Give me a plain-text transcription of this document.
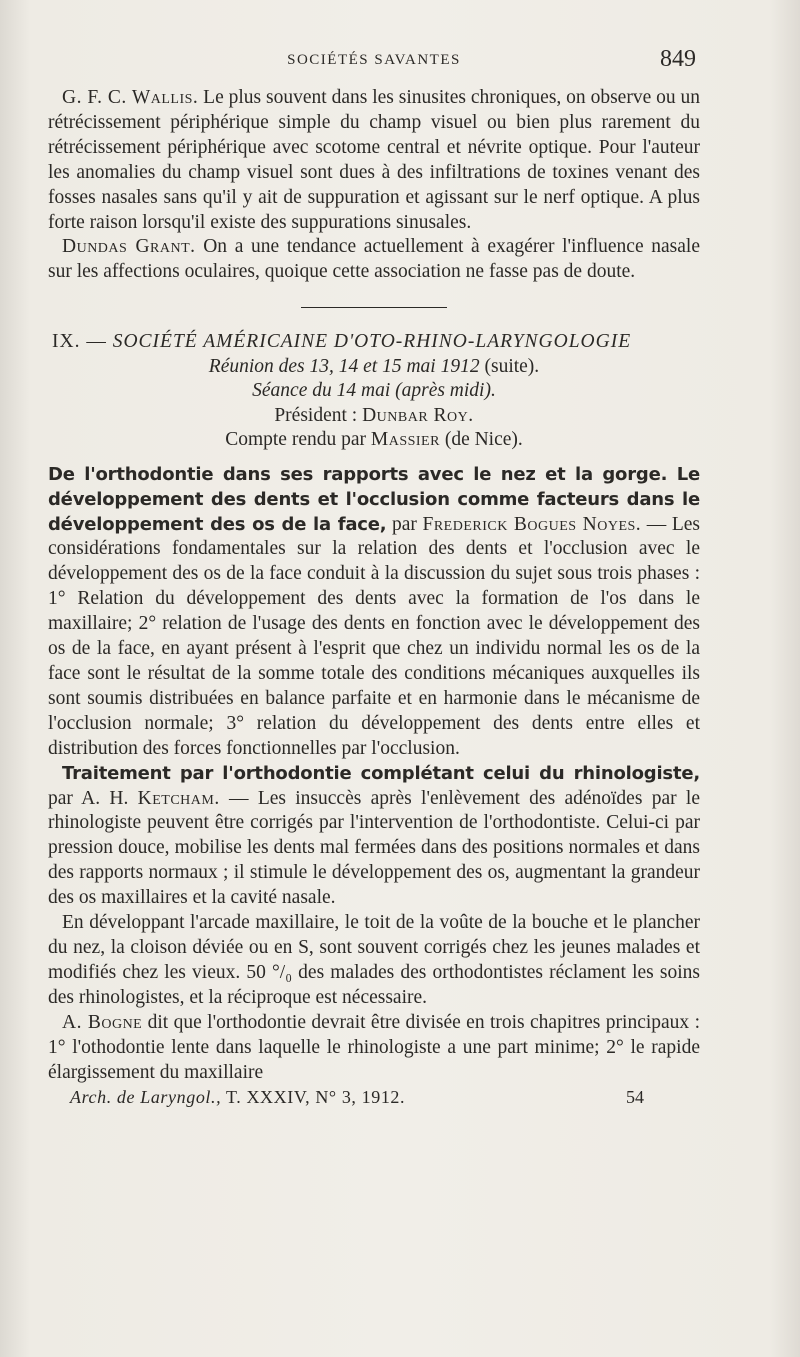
SOCIÉTÉS SAVANTES	849

G. F. C. Wallis. Le plus souvent dans les sinusites chroniques, on observe ou un rétrécissement périphérique simple du champ visuel ou bien plus rarement du rétrécissement périphérique avec scotome central et névrite optique. Pour l'auteur les anomalies du champ visuel sont dues à des infiltrations de toxines venant des fosses nasales sans qu'il y ait de suppuration et agissant sur le nerf optique. A plus forte raison lorsqu'il existe des suppurations sinusales.

Dundas Grant. On a une tendance actuellement à exagérer l'influence nasale sur les affections oculaires, quoique cette association ne fasse pas de doute.

IX. — SOCIÉTÉ AMÉRICAINE D'OTO-RHINO-LARYNGOLOGIE
Réunion des 13, 14 et 15 mai 1912 (suite).
Séance du 14 mai (après midi).
Président : Dunbar Roy.
Compte rendu par Massier (de Nice).

De l'orthodontie dans ses rapports avec le nez et la gorge. Le développement des dents et l'occlusion comme facteurs dans le développement des os de la face, par Frederick Bogues Noyes. — Les considérations fondamentales sur la relation des dents et l'occlusion avec le développement des os de la face conduit à la discussion du sujet sous trois phases : 1° Relation du développement des dents avec la formation de l'os dans le maxillaire; 2° relation de l'usage des dents en fonction avec le développement des os de la face, en ayant présent à l'esprit que chez un individu normal les os de la face sont le résultat de la somme totale des conditions mécaniques auxquelles ils sont soumis distribuées en balance parfaite et en harmonie dans le mécanisme de l'occlusion normale; 3° relation du développement des dents entre elles et distribution des forces fonctionnelles par l'occlusion.

Traitement par l'orthodontie complétant celui du rhinologiste, par A. H. Ketcham. — Les insuccès après l'enlèvement des adénoïdes par le rhinologiste peuvent être corrigés par l'intervention de l'orthodontiste. Celui-ci par pression douce, mobilise les dents mal fermées dans des positions normales et dans des rapports normaux ; il stimule le développement des os, augmentant la grandeur des os maxillaires et la cavité nasale.

En développant l'arcade maxillaire, le toit de la voûte de la bouche et le plancher du nez, la cloison déviée ou en S, sont souvent corrigés chez les jeunes malades et modifiés chez les vieux. 50 °/₀ des malades des orthodontistes réclament les soins des rhinologistes, et la réciproque est nécessaire.

A. Bogne dit que l'orthodontie devrait être divisée en trois chapitres principaux : 1° l'othodontie lente dans laquelle le rhinologiste a une part minime; 2° le rapide élargissement du maxillaire

Arch. de Laryngol., T. XXXIV, N° 3, 1912.	54
